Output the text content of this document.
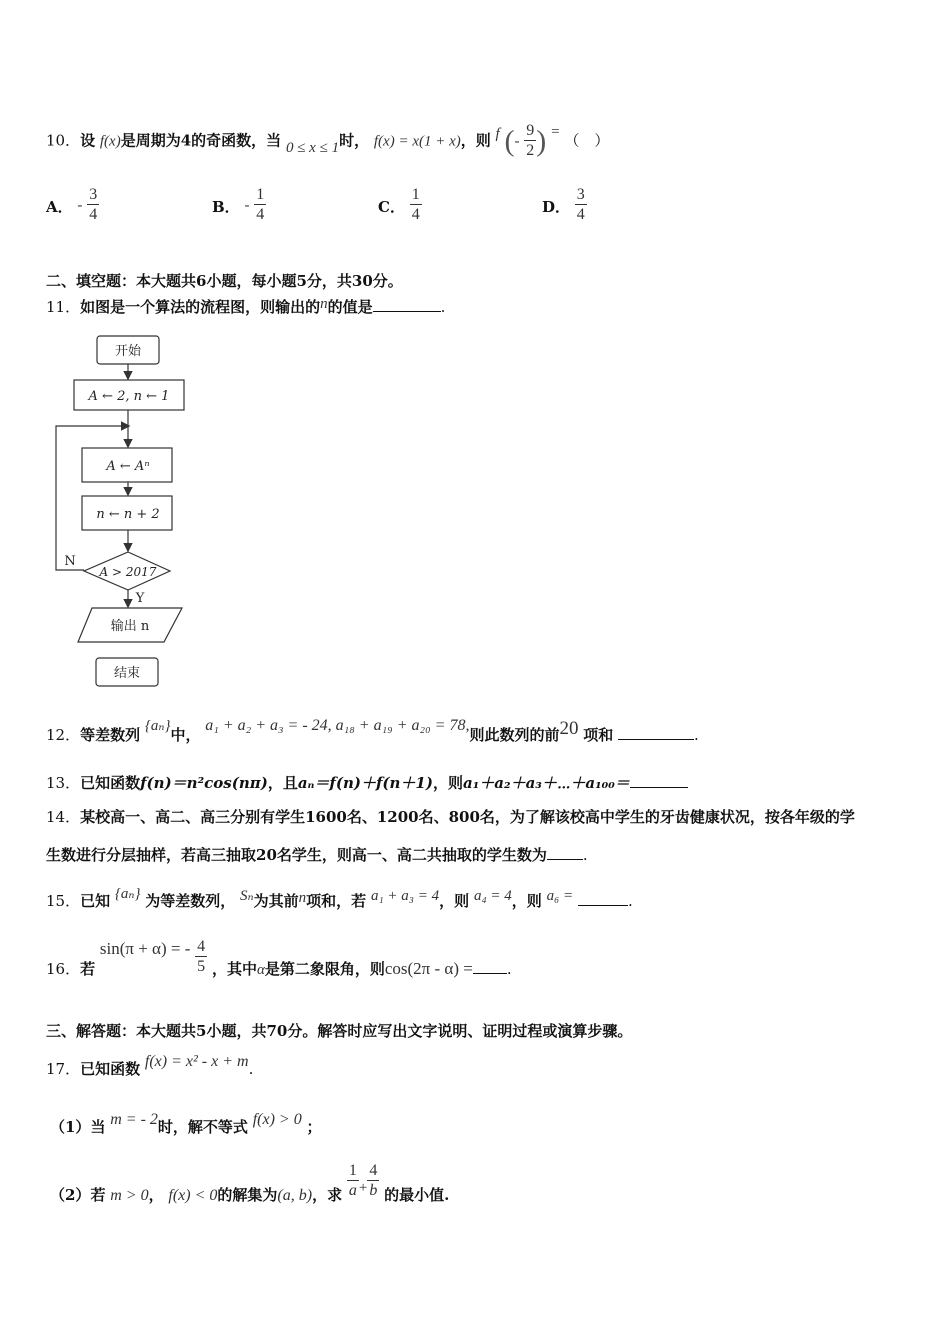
10．设 f(x)是周期为4的奇函数，当 0 ≤ x ≤ 1时， f(x) = x(1 + x)，则 f (- $\frac{9}{2}$ ) = （　）
A． - $\frac{3}{4}$	B． - $\frac{1}{4}$	C． $\frac{1}{4}$	D． $\frac{3}{4}$
二、填空题：本大题共6小题，每小题5分，共30分。
11．如图是一个算法的流程图，则输出的n的值是	.
开始
A ← 2, n ← 1
A ← Aⁿ
n ← n + 2
A > 2017
N
Y
输出 n
结束
12．等差数列 {aₙ}中， a₁ + a₂ + a₃ = - 24, a₁₈ + a₁₉ + a₂₀ = 78,则此数列的前20 项和	.
13．已知函数f(n)＝n²cos(nπ)，且aₙ＝f(n)＋f(n＋1)，则a₁＋a₂＋a₃＋⋯＋a₁₀₀＝
14．某校高一、高二、高三分别有学生1600名、1200名、800名，为了解该校高中学生的牙齿健康状况，按各年级的学
生数进行分层抽样，若高三抽取20名学生，则高一、高二共抽取的学生数为 .
15．已知 {aₙ} 为等差数列， Sₙ为其前n项和，若 a₁ + a₃ = 4，则 a₄ = 4，则 a₆ =	.
16．若 sin(π + α) = - $\frac{4}{5}$ ，其中α是第二象限角，则cos(2π - α) = .
三、解答题：本大题共5小题，共70分。解答时应写出文字说明、证明过程或演算步骤。
17．已知函数 f(x) = x² - x + m.
（1）当 m = - 2时，解不等式 f(x) > 0 ；
（2）若 m > 0， f(x) < 0的解集为(a, b)，求 $\frac{1}{a} + \frac{4}{b}$ 的最小值.
